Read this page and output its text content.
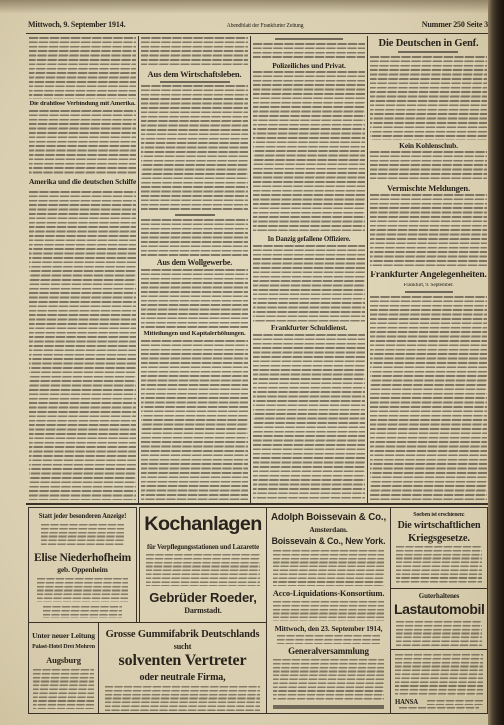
Mittwoch, 9. September 1914.	Abendblatt der Frankfurter Zeitung	Nummer 250 Seite 3
Die drahtlose Verbindung mit Amerika.
Amerika und die deutschen Schiffe
Aus dem Wirtschaftsleben.
Aus dem Wollgewerbe.
Mitteilungen und Kapitalerhöhungen.
Polizeiliches und Privat.
In Danzig gefallene Offiziere.
Frankfurter Schuldienst.
Die Deutschen in Genf.
Kein Kohlenschub.
Vermischte Meldungen.
Frankfurter Angelegenheiten.
Frankfurt, 9. September.
Statt jeder besonderen Anzeige!
Elise Niederhofheim
geb. Oppenheim
Kochanlagen
für Verpflegungsstationen und Lazarette
Gebrüder Roeder,
Darmstadt.
Adolph Boissevain & Co.,
Amsterdam.
Boissevain & Co., New York.
Acco-Liquidations-Konsortium.
Mittwoch, den 23. September 1914,
Generalversammlung
Soeben ist erschienen:
Die wirtschaftlichen
Kriegsgesetze.
Guterhaltenes
Lastautomobil
HANSA
Unter neuer Leitung
Palast-Hotel Drei Mohren
Augsburg
Grosse Gummifabrik Deutschlands
sucht
solventen Vertreter
oder neutrale Firma,
